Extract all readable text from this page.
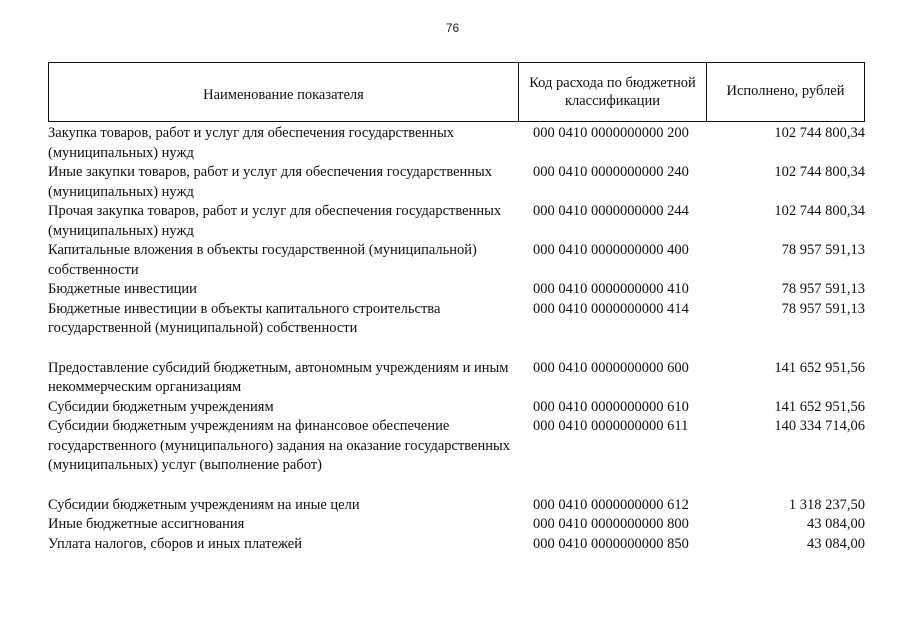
76
Наименование показателя
Код расхода по бюджетной классификации
Исполнено, рублей
Закупка товаров, работ и услуг для обеспечения государственных (муниципальных) нужд
000 0410 0000000000 200	102 744 800,34
Иные закупки товаров, работ и услуг для обеспечения государственных (муниципальных) нужд
000 0410 0000000000 240	102 744 800,34
Прочая закупка товаров, работ и услуг для обеспечения государственных (муниципальных) нужд
000 0410 0000000000 244	102 744 800,34
Капитальные вложения в объекты государственной (муниципальной) собственности
000 0410 0000000000 400	78 957 591,13
Бюджетные инвестиции	000 0410 0000000000 410	78 957 591,13
Бюджетные инвестиции в объекты капитального строительства государственной (муниципальной) собственности
000 0410 0000000000 414	78 957 591,13
Предоставление субсидий бюджетным, автономным учреждениям и иным некоммерческим организациям
000 0410 0000000000 600	141 652 951,56
Субсидии бюджетным учреждениям	000 0410 0000000000 610	141 652 951,56
Субсидии бюджетным учреждениям на финансовое обеспечение государственного (муниципального) задания на оказание государственных (муниципальных) услуг (выполнение работ)
000 0410 0000000000 611	140 334 714,06
Субсидии бюджетным учреждениям на иные цели	000 0410 0000000000 612	1 318 237,50
Иные бюджетные ассигнования	000 0410 0000000000 800	43 084,00
Уплата налогов, сборов и иных платежей	000 0410 0000000000 850	43 084,00
